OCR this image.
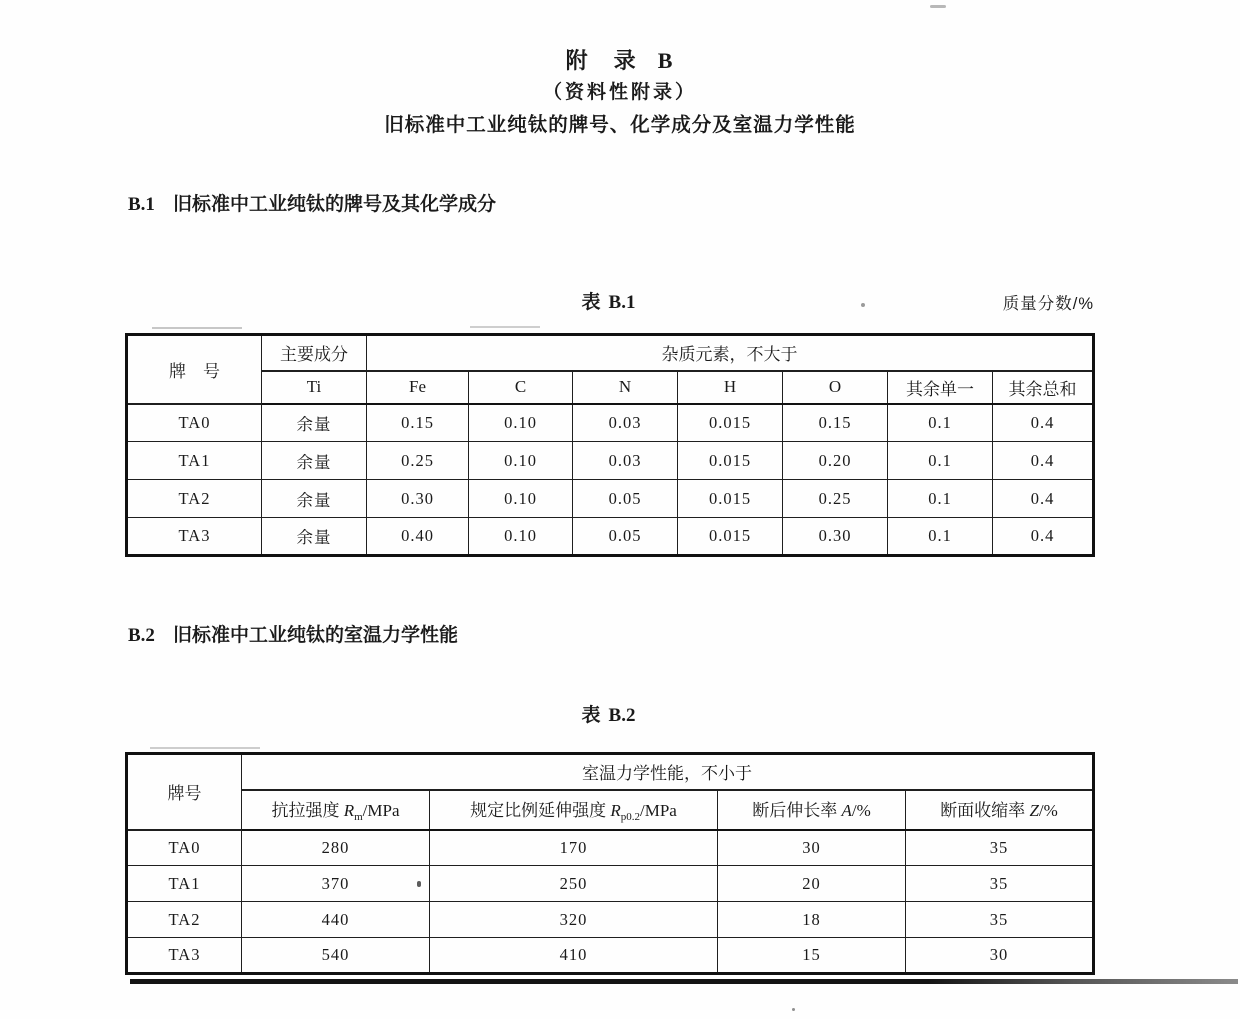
附　录 B
（资料性附录）
旧标准中工业纯钛的牌号、化学成分及室温力学性能
B.1 旧标准中工业纯钛的牌号及其化学成分
表 B.1	质量分数/%
牌　号	主要成分	杂质元素，不大于						
	Ti	Fe	C	N	H	O	其余单一	其余总和
TA0	余量	0.15	0.10	0.03	0.015	0.15	0.1	0.4
TA1	余量	0.25	0.10	0.03	0.015	0.20	0.1	0.4
TA2	余量	0.30	0.10	0.05	0.015	0.25	0.1	0.4
TA3	余量	0.40	0.10	0.05	0.015	0.30	0.1	0.4
B.2 旧标准中工业纯钛的室温力学性能
表 B.2
牌号	室温力学性能，不小于			
	抗拉强度 $R_m$/MPa	规定比例延伸强度 $R_{p0.2}$/MPa	断后伸长率 A/%	断面收缩率 Z/%
TA0	280	170	30	35
TA1	370	250	20	35
TA2	440	320	18	35
TA3	540	410	15	30
